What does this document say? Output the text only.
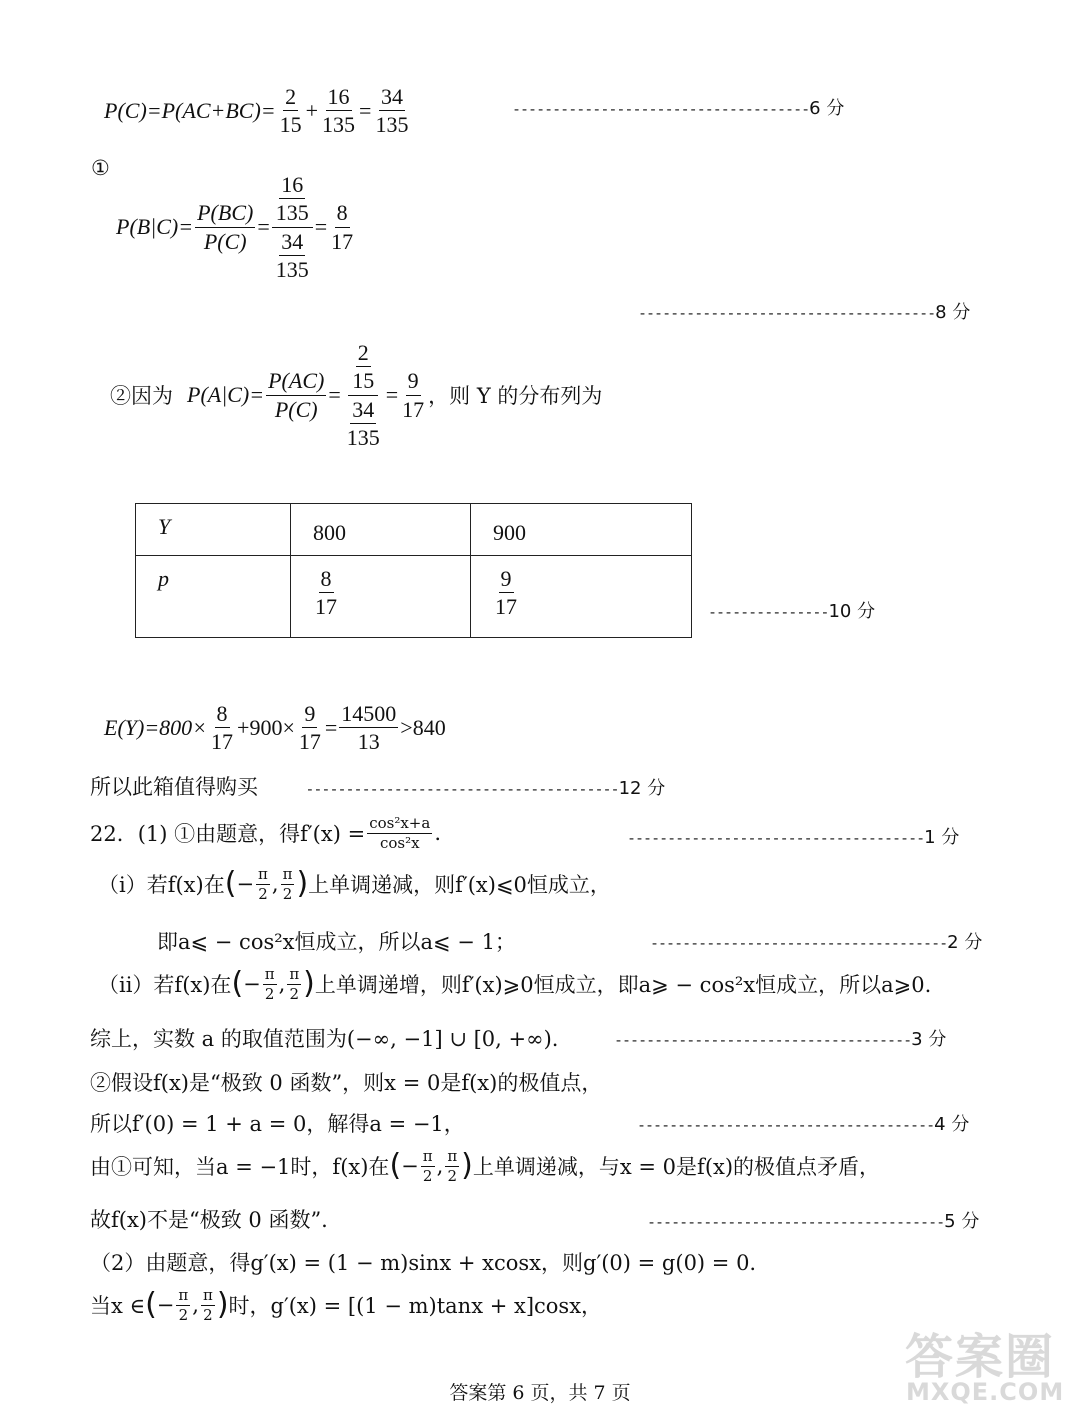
$P(C)=P(AC+BC)= \frac{2}{15} + \frac{16}{135} = \frac{34}{135}$	-------------------------------------6 分
①
$P(B|C)= \frac{P(BC)}{P(C)} = \frac{\frac{16}{135}}{\frac{34}{135}} = \frac{8}{17}$
-------------------------------------8 分
②因为 $P(A|C)= \frac{P(AC)}{P(C)} = \frac{\frac{2}{15}}{\frac{34}{135}} = \frac{9}{17}$ ，则 Y 的分布列为
Y	800	900
p	$\frac{8}{17}$	$\frac{9}{17}$	---------------10 分
$E(Y)=800\times \frac{8}{17} +900\times \frac{9}{17} = \frac{14500}{13} >840$
所以此箱值得购买	---------------------------------------12 分
22．(1) ①由题意，得$f'(x) = \frac{\text{cos²x+a}}{\text{cos²x}}$ .	-------------------------------------1 分
（i）若f(x)在 ( − $\frac{\pi}{2}$ , $\frac{\pi}{2}$ ) 上单调递减，则f′(x)⩽0恒成立，
即a⩽ − cos²x恒成立，所以a⩽ − 1；	-------------------------------------2 分
（ii）若f(x)在 ( − $\frac{\pi}{2}$ , $\frac{\pi}{2}$ ) 上单调递增，则f′(x)⩾0恒成立，即a⩾ − cos²x恒成立，所以a⩾0.
综上，实数 a 的取值范围为(−∞, −1] ∪ [0, +∞).	-------------------------------------3 分
②假设f(x)是“极致 0 函数”，则x = 0是f(x)的极值点，
所以f′(0) = 1 + a = 0，解得a = −1，	-------------------------------------4 分
由①可知，当a = −1时，f(x)在 ( − $\frac{\pi}{2}$ , $\frac{\pi}{2}$ ) 上单调递减，与x = 0是f(x)的极值点矛盾，
故f(x)不是“极致 0 函数”.	-------------------------------------5 分
（2）由题意，得g′(x) = (1 − m)sinx + xcosx，则g′(0) = g(0) = 0.
当x ∈ ( − $\frac{\pi}{2}$ , $\frac{\pi}{2}$ ) 时，g′(x) = [(1 − m)tanx + x]cosx，
答案第 6 页，共 7 页
答案圈
MXQE.COM
